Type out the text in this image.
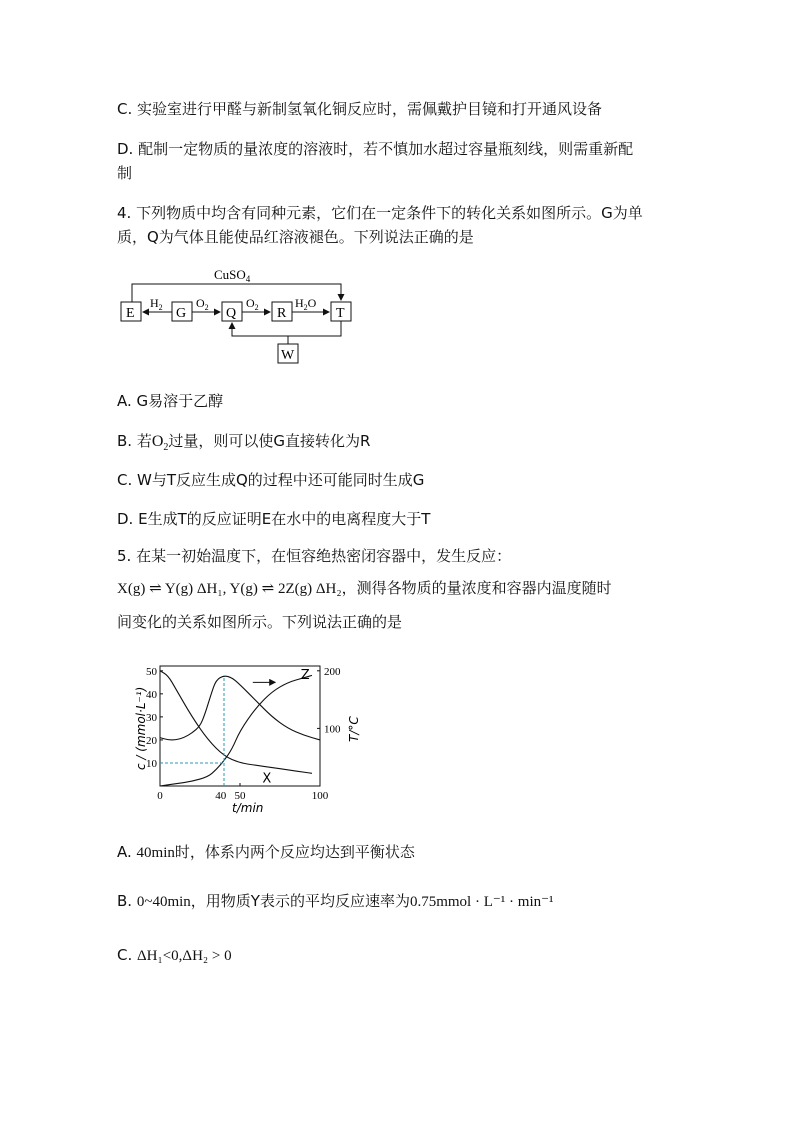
C. 实验室进行甲醛与新制氢氧化铜反应时，需佩戴护目镜和打开通风设备
D. 配制一定物质的量浓度的溶液时，若不慎加水超过容量瓶刻线，则需重新配
制
4. 下列物质中均含有同种元素，它们在一定条件下的转化关系如图所示。G为单
质，Q为气体且能使品红溶液褪色。下列说法正确的是
CuSO$_4$
E	G	Q	R	T
W
$H_2$	$O_2$	$O_2$	$H_2O$
A. G易溶于乙醇
B. 若$O_2$过量，则可以使G直接转化为R
C. W与T反应生成Q的过程中还可能同时生成G
D. E生成T的反应证明E在水中的电离程度大于T
5. 在某一初始温度下，在恒容绝热密闭容器中，发生反应：
X(g) ⇌ Y(g) ΔH₁, Y(g) ⇌ 2Z(g) ΔH₂，测得各物质的量浓度和容器内温度随时
间变化的关系如图所示。下列说法正确的是
10
20
30
40
50
100
200
0	40 50	100
Z
X
t/min
c / (mmol·L⁻¹)	T/°C
A. 40min时，体系内两个反应均达到平衡状态
B. 0~40min，用物质Y表示的平均反应速率为0.75mmol · L⁻¹ · min⁻¹
C. ΔH₁<0,ΔH₂ > 0
